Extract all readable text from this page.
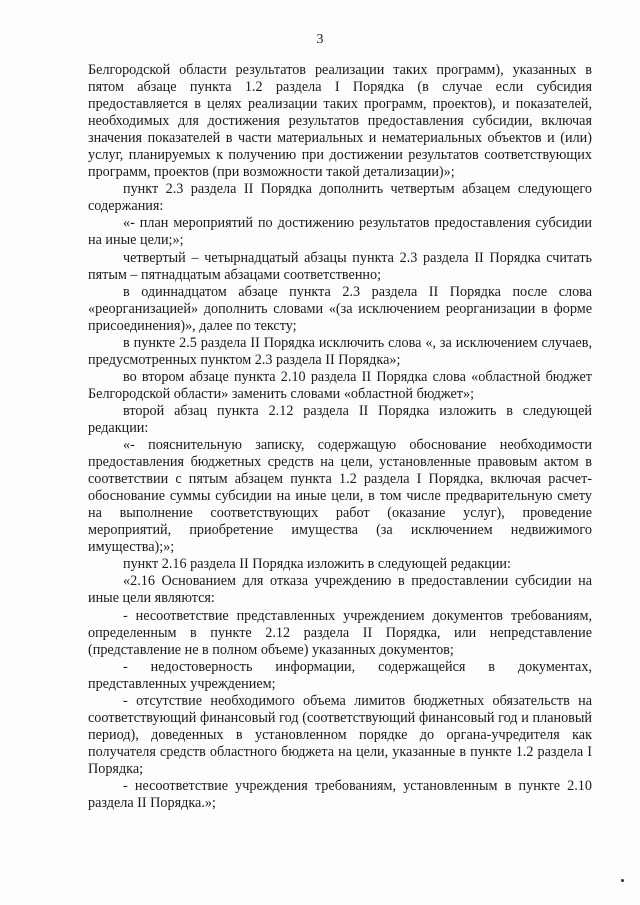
3

Белгородской области результатов реализации таких программ), указанных в пятом абзаце пункта 1.2 раздела I Порядка (в случае если субсидия предоставляется в целях реализации таких программ, проектов), и показателей, необходимых для достижения результатов предоставления субсидии, включая значения показателей в части материальных и нематериальных объектов и (или) услуг, планируемых к получению при достижении результатов соответствующих программ, проектов (при возможности такой детализации)»;

пункт 2.3 раздела II Порядка дополнить четвертым абзацем следующего содержания:

«- план мероприятий по достижению результатов предоставления субсидии на иные цели;»;

четвертый – четырнадцатый абзацы пункта 2.3 раздела II Порядка считать пятым – пятнадцатым абзацами соответственно;

в одиннадцатом абзаце пункта 2.3 раздела II Порядка после слова «реорганизацией» дополнить словами «(за исключением реорганизации в форме присоединения)», далее по тексту;

в пункте 2.5 раздела II Порядка исключить слова «, за исключением случаев, предусмотренных пунктом 2.3 раздела II Порядка»;

во втором абзаце пункта 2.10 раздела II Порядка слова «областной бюджет Белгородской области» заменить словами «областной бюджет»;

второй абзац пункта 2.12 раздела II Порядка изложить в следующей редакции:

«- пояснительную записку, содержащую обоснование необходимости предоставления бюджетных средств на цели, установленные правовым актом в соответствии с пятым абзацем пункта 1.2 раздела I Порядка, включая расчет-обоснование суммы субсидии на иные цели, в том числе предварительную смету на выполнение соответствующих работ (оказание услуг), проведение мероприятий, приобретение имущества (за исключением недвижимого имущества);»;

пункт 2.16 раздела II Порядка изложить в следующей редакции:

«2.16 Основанием для отказа учреждению в предоставлении субсидии на иные цели являются:

- несоответствие представленных учреждением документов требованиям, определенным в пункте 2.12 раздела II Порядка, или непредставление (представление не в полном объеме) указанных документов;

- недостоверность информации, содержащейся в документах, представленных учреждением;

- отсутствие необходимого объема лимитов бюджетных обязательств на соответствующий финансовый год (соответствующий финансовый год и плановый период), доведенных в установленном порядке до органа-учредителя как получателя средств областного бюджета на цели, указанные в пункте 1.2 раздела I Порядка;

- несоответствие учреждения требованиям, установленным в пункте 2.10 раздела II Порядка.»;
